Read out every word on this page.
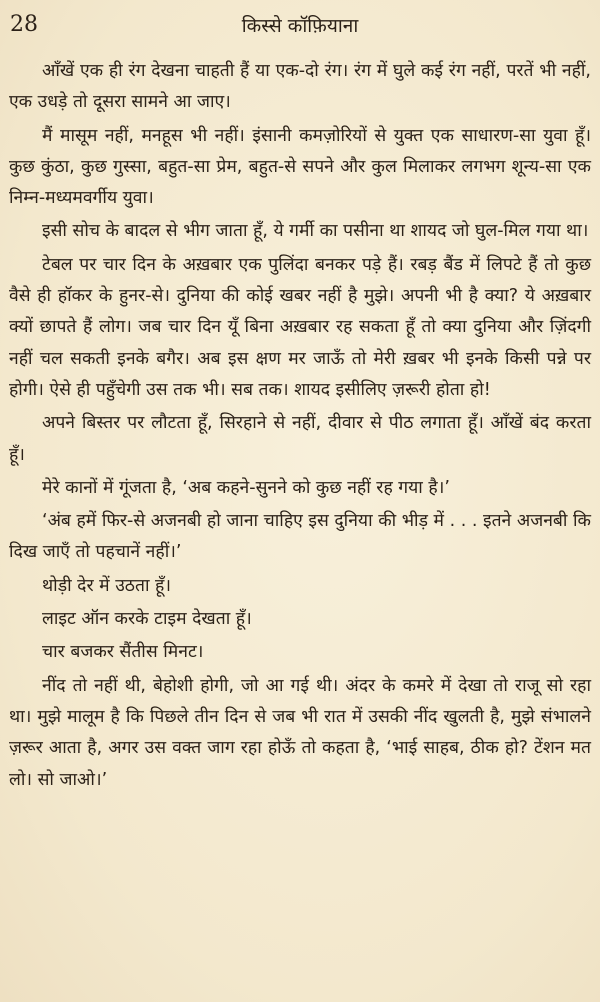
28	किस्से कॉफ़ियाना

आँखें एक ही रंग देखना चाहती हैं या एक-दो रंग। रंग में घुले कई रंग नहीं, परतें भी नहीं, एक उधड़े तो दूसरा सामने आ जाए।

मैं मासूम नहीं, मनहूस भी नहीं। इंसानी कमज़ोरियों से युक्त एक साधारण-सा युवा हूँ। कुछ कुंठा, कुछ गुस्सा, बहुत-सा प्रेम, बहुत-से सपने और कुल मिलाकर लगभग शून्य-सा एक निम्न-मध्यमवर्गीय युवा।

इसी सोच के बादल से भीग जाता हूँ, ये गर्मी का पसीना था शायद जो घुल-मिल गया था।

टेबल पर चार दिन के अख़बार एक पुलिंदा बनकर पड़े हैं। रबड़ बैंड में लिपटे हैं तो कुछ वैसे ही हॉकर के हुनर-से। दुनिया की कोई खबर नहीं है मुझे। अपनी भी है क्या? ये अख़बार क्यों छापते हैं लोग। जब चार दिन यूँ बिना अख़बार रह सकता हूँ तो क्या दुनिया और ज़िंदगी नहीं चल सकती इनके बगैर। अब इस क्षण मर जाऊँ तो मेरी ख़बर भी इनके किसी पन्ने पर होगी। ऐसे ही पहुँचेगी उस तक भी। सब तक। शायद इसीलिए ज़रूरी होता हो!

अपने बिस्तर पर लौटता हूँ, सिरहाने से नहीं, दीवार से पीठ लगाता हूँ। आँखें बंद करता हूँ।

मेरे कानों में गूंजता है, ‘अब कहने-सुनने को कुछ नहीं रह गया है।’

‘अंब हमें फिर-से अजनबी हो जाना चाहिए इस दुनिया की भीड़ में . . . इतने अजनबी कि दिख जाएँ तो पहचानें नहीं।’

थोड़ी देर में उठता हूँ।

लाइट ऑन करके टाइम देखता हूँ।

चार बजकर सैंतीस मिनट।

नींद तो नहीं थी, बेहोशी होगी, जो आ गई थी। अंदर के कमरे में देखा तो राजू सो रहा था। मुझे मालूम है कि पिछले तीन दिन से जब भी रात में उसकी नींद खुलती है, मुझे संभालने ज़रूर आता है, अगर उस वक्त जाग रहा होऊँ तो कहता है, ‘भाई साहब, ठीक हो? टेंशन मत लो। सो जाओ।’
